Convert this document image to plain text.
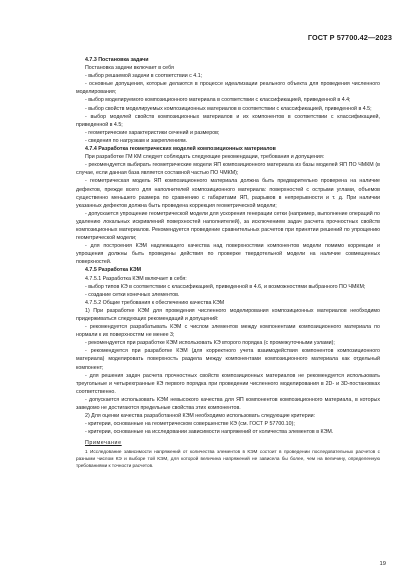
ГОСТ Р 57700.42—2023

4.7.3 Постановка задачи

Постановка задачи включает в себя

- выбор решаемой задачи в соответствии с 4.1;

- основные допущения, которые делаются в процессе идеализации реального объекта для проведения численного моделирования;

- выбор моделируемого композиционного материала в соответствии с классификацией, приведенной в 4.4;

- выбор свойств моделируемых композиционных материалов в соответствии с классификацией, приведенной в 4.5;

- выбор моделей свойств композиционных материалов и их компонентов в соответствии с классификацией, приведенной в 4.5;

- геометрические характеристики сечений и размеров;

- сведения по нагрузкам и закреплениям.

4.7.4 Разработка геометрических моделей композиционных материалов

При разработке ГМ КМ следует соблюдать следующие рекомендации, требования и допущения:

- рекомендуется выбирать геометрические модели ЯП композиционного материала из базы моделей ЯП ПО ЧМКМ (в случае, если данная база является составной частью ПО ЧМКМ);

- геометрическая модель ЯП композиционного материала должна быть предварительно проверена на наличие дефектов, прежде всего для наполнителей композиционного материала: поверхностей с острыми углами, объемов существенно меньшего размера по сравнению с габаритами ЯП, разрывов в непрерывности и т. д. При наличии указанных дефектов должна быть проведена коррекция геометрической модели;

- допускается упрощение геометрической модели для ускорения генерации сетки (например, выполнение операций по удалению локальных искривлений поверхностей наполнителей), за исключением задач расчета прочностных свойств композиционных материалов. Рекомендуется проведение сравнительных расчетов при принятии решений по упрощению геометрической модели;

- для построения КЭМ надлежащего качества над поверхностями компонентов модели помимо коррекции и упрощения должны быть проведены действия по проверке твердотельной модели на наличие совмещенных поверхностей.

4.7.5 Разработка КЭМ

4.7.5.1 Разработка КЭМ включает в себя:

- выбор типов КЭ в соответствии с классификацией, приведенной в 4.6, и возможностями выбранного ПО ЧМКМ;

- создание сетки конечных элементов.

4.7.5.2 Общие требования к обеспечению качества КЭМ

1) При разработке КЭМ для проведения численного моделирования композиционных материалов необходимо придерживаться следующих рекомендаций и допущений:

- рекомендуется разрабатывать КЭМ с числом элементов между компонентами композиционного материала по нормали к их поверхностям не менее 3;

- рекомендуется при разработке КЭМ использовать КЭ второго порядка (с промежуточными узлами);

- рекомендуется при разработке КЭМ (для корректного учета взаимодействия компонентов композиционного материала) моделировать поверхность раздела между компонентами композиционного материала как отдельный компонент;

- для решения задач расчета прочностных свойств композиционных материалов не рекомендуется использовать треугольные и четырехгранные КЭ первого порядка при проведении численного моделирования в 2D- и 3D-постановках соответственно.

- допускается использовать КЭМ невысокого качества для ЯП компонентов композиционного материала, в которых заведомо не достигаются предельные свойства этих компонентов.

2) Для оценки качества разработанной КЭМ необходимо использовать следующие критерии:

- критерии, основанные на геометрическом совершенстве КЭ (см. ГОСТ Р 57700.10);

- критерии, основанные на исследовании зависимости напряжений от количества элементов в КЭМ.

Примечание

1 Исследование зависимости напряжений от количества элементов в КЭМ состоит в проведении последовательных расчетов с разными числом КЭ и выборе той КЭМ, для которой величина напряжений не зависела бы более, чем на величину, определенную требованиями к точности расчетов.

19
